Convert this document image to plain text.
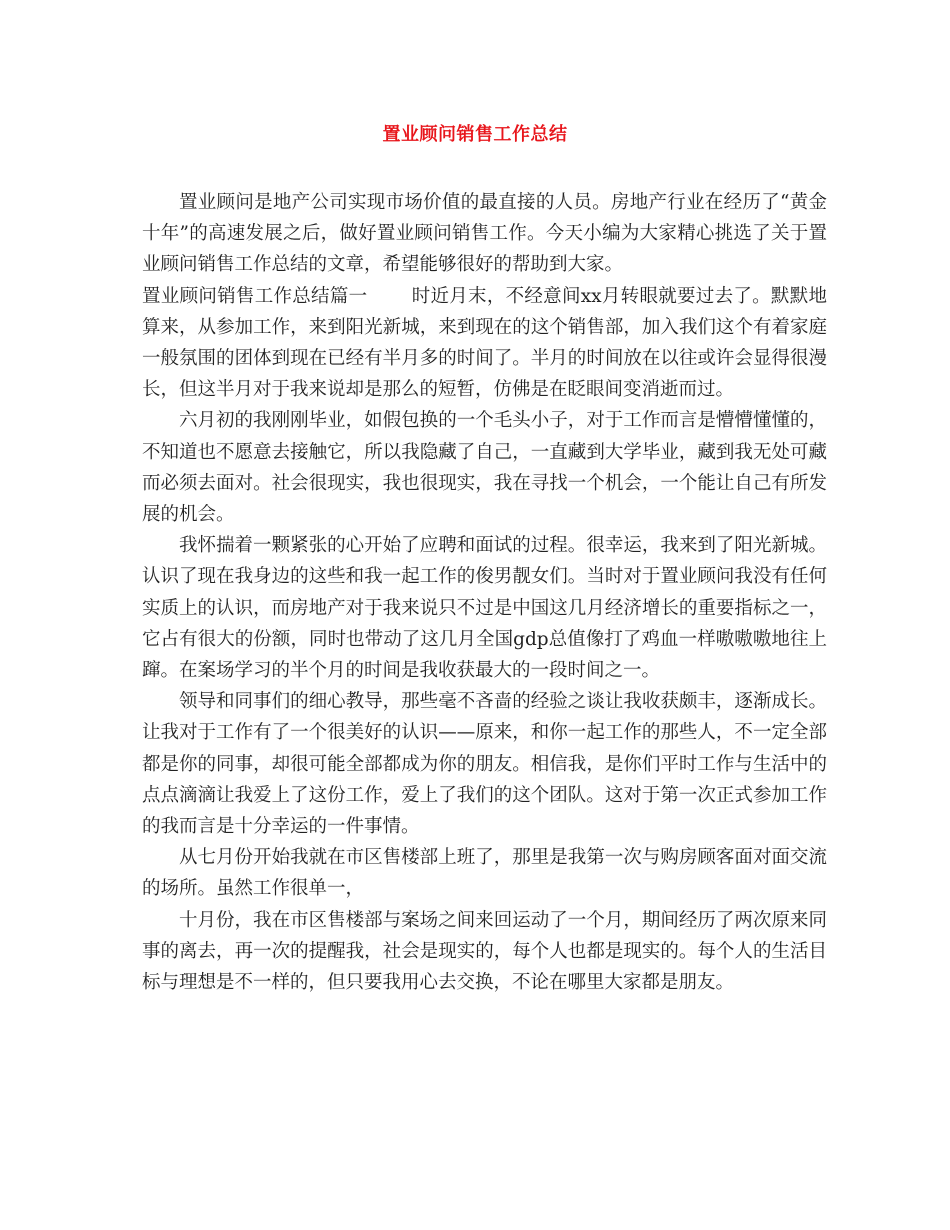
置业顾问销售工作总结

置业顾问是地产公司实现市场价值的最直接的人员。房地产行业在经历了“黄金十年”的高速发展之后，做好置业顾问销售工作。今天小编为大家精心挑选了关于置业顾问销售工作总结的文章，希望能够很好的帮助到大家。

置业顾问销售工作总结篇一 时近月末，不经意间xx月转眼就要过去了。默默地算来，从参加工作，来到阳光新城，来到现在的这个销售部，加入我们这个有着家庭一般氛围的团体到现在已经有半月多的时间了。半月的时间放在以往或许会显得很漫长，但这半月对于我来说却是那么的短暂，仿佛是在眨眼间变消逝而过。

六月初的我刚刚毕业，如假包换的一个毛头小子，对于工作而言是懵懵懂懂的，不知道也不愿意去接触它，所以我隐藏了自己，一直藏到大学毕业，藏到我无处可藏而必须去面对。社会很现实，我也很现实，我在寻找一个机会，一个能让自己有所发展的机会。

我怀揣着一颗紧张的心开始了应聘和面试的过程。很幸运，我来到了阳光新城。认识了现在我身边的这些和我一起工作的俊男靓女们。当时对于置业顾问我没有任何实质上的认识，而房地产对于我来说只不过是中国这几月经济增长的重要指标之一，它占有很大的份额，同时也带动了这几月全国gdp总值像打了鸡血一样嗷嗷嗷地往上蹿。在案场学习的半个月的时间是我收获最大的一段时间之一。

领导和同事们的细心教导，那些毫不吝啬的经验之谈让我收获颇丰，逐渐成长。让我对于工作有了一个很美好的认识——原来，和你一起工作的那些人，不一定全部都是你的同事，却很可能全部都成为你的朋友。相信我，是你们平时工作与生活中的点点滴滴让我爱上了这份工作，爱上了我们的这个团队。这对于第一次正式参加工作的我而言是十分幸运的一件事情。

从七月份开始我就在市区售楼部上班了，那里是我第一次与购房顾客面对面交流的场所。虽然工作很单一，

十月份，我在市区售楼部与案场之间来回运动了一个月，期间经历了两次原来同事的离去，再一次的提醒我，社会是现实的，每个人也都是现实的。每个人的生活目标与理想是不一样的，但只要我用心去交换，不论在哪里大家都是朋友。
